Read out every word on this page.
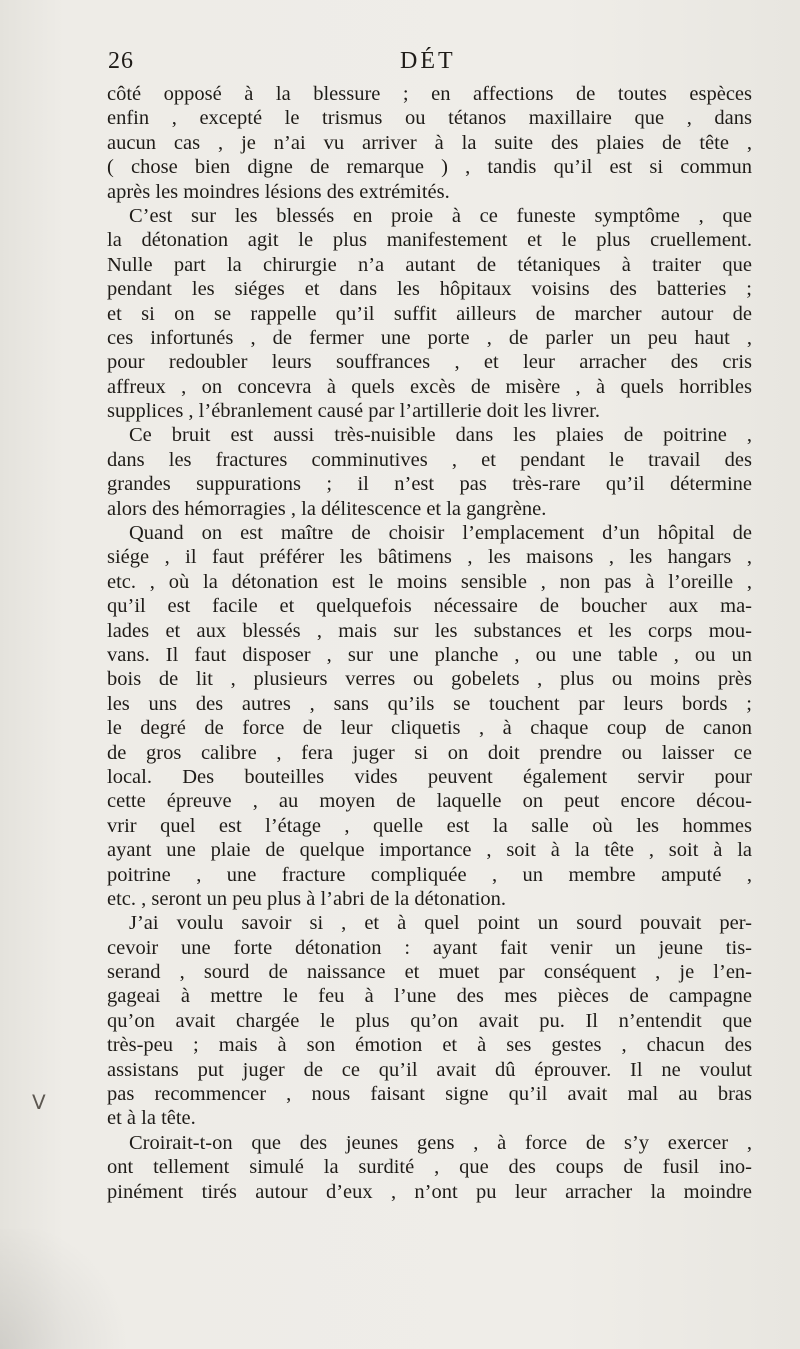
26	DÉT
côté opposé à la blessure ; en affections de toutes espèces
enfin , excepté le trismus ou tétanos maxillaire que , dans
aucun cas , je n’ai vu arriver à la suite des plaies de tête ,
( chose bien digne de remarque ) , tandis qu’il est si commun
après les moindres lésions des extrémités.
C’est sur les blessés en proie à ce funeste symptôme , que
la détonation agit le plus manifestement et le plus cruellement.
Nulle part la chirurgie n’a autant de tétaniques à traiter que
pendant les siéges et dans les hôpitaux voisins des batteries ;
et si on se rappelle qu’il suffit ailleurs de marcher autour de
ces infortunés , de fermer une porte , de parler un peu haut ,
pour redoubler leurs souffrances , et leur arracher des cris
affreux , on concevra à quels excès de misère , à quels horribles
supplices , l’ébranlement causé par l’artillerie doit les livrer.
Ce bruit est aussi très-nuisible dans les plaies de poitrine ,
dans les fractures comminutives , et pendant le travail des
grandes suppurations ; il n’est pas très-rare qu’il détermine
alors des hémorragies , la délitescence et la gangrène.
Quand on est maître de choisir l’emplacement d’un hôpital de
siége , il faut préférer les bâtimens , les maisons , les hangars ,
etc. , où la détonation est le moins sensible , non pas à l’oreille ,
qu’il est facile et quelquefois nécessaire de boucher aux ma-
lades et aux blessés , mais sur les substances et les corps mou-
vans. Il faut disposer , sur une planche , ou une table , ou un
bois de lit , plusieurs verres ou gobelets , plus ou moins près
les uns des autres , sans qu’ils se touchent par leurs bords ;
le degré de force de leur cliquetis , à chaque coup de canon
de gros calibre , fera juger si on doit prendre ou laisser ce
local. Des bouteilles vides peuvent également servir pour
cette épreuve , au moyen de laquelle on peut encore décou-
vrir quel est l’étage , quelle est la salle où les hommes
ayant une plaie de quelque importance , soit à la tête , soit à la
poitrine , une fracture compliquée , un membre amputé ,
etc. , seront un peu plus à l’abri de la détonation.
J’ai voulu savoir si , et à quel point un sourd pouvait per-
cevoir une forte détonation : ayant fait venir un jeune tis-
serand , sourd de naissance et muet par conséquent , je l’en-
gageai à mettre le feu à l’une des mes pièces de campagne
qu’on avait chargée le plus qu’on avait pu. Il n’entendit que
très-peu ; mais à son émotion et à ses gestes , chacun des
assistans put juger de ce qu’il avait dû éprouver. Il ne voulut
pas recommencer , nous faisant signe qu’il avait mal au bras
et à la tête.
Croirait-t-on que des jeunes gens , à force de s’y exercer ,
ont tellement simulé la surdité , que des coups de fusil ino-
pinément tirés autour d’eux , n’ont pu leur arracher la moindre
ᐯ
